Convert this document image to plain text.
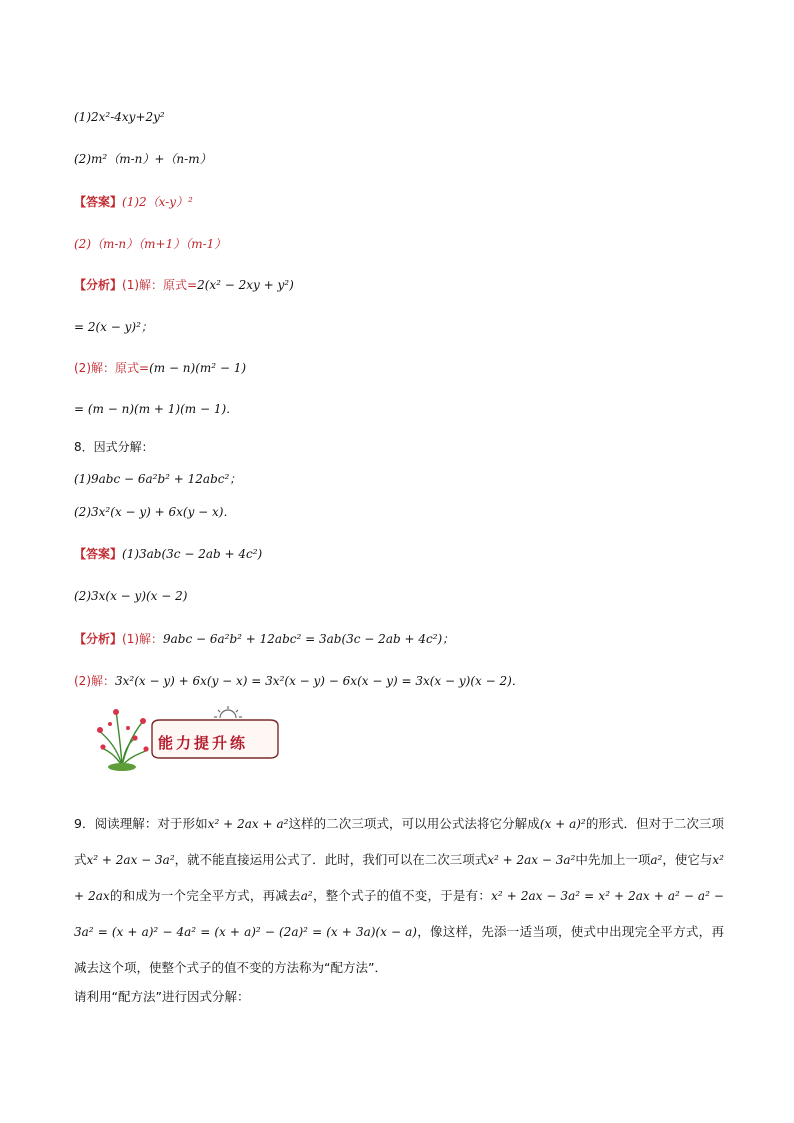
(1)2x²-4xy+2y²
(2)m²（m-n）+（n-m）
【答案】(1)2（x-y）²
(2)（m-n）（m+1）（m-1）
【分析】(1)解：原式=2(x² − 2xy + y²)
= 2(x − y)²；
(2)解：原式=(m − n)(m² − 1)
= (m − n)(m + 1)(m − 1)．
8．因式分解：
(1)9abc − 6a²b² + 12abc²；
(2)3x²(x − y) + 6x(y − x)．
【答案】(1)3ab(3c − 2ab + 4c²)
(2)3x(x − y)(x − 2)
【分析】(1)解：9abc − 6a²b² + 12abc² = 3ab(3c − 2ab + 4c²)；
(2)解：3x²(x − y) + 6x(y − x) = 3x²(x − y) − 6x(x − y) = 3x(x − y)(x − 2)．
能力提升练
9．阅读理解：对于形如x² + 2ax + a²这样的二次三项式，可以用公式法将它分解成(x + a)²的形式．但对于二次三项式x² + 2ax − 3a²，就不能直接运用公式了．此时，我们可以在二次三项式x² + 2ax − 3a²中先加上一项a²，使它与x² + 2ax的和成为一个完全平方式，再减去a²，整个式子的值不变，于是有：x² + 2ax − 3a² = x² + 2ax + a² − a² − 3a² = (x + a)² − 4a² = (x + a)² − (2a)² = (x + 3a)(x − a)，像这样，先添一适当项，使式中出现完全平方式，再减去这个项，使整个式子的值不变的方法称为“配方法”．
请利用“配方法”进行因式分解：
